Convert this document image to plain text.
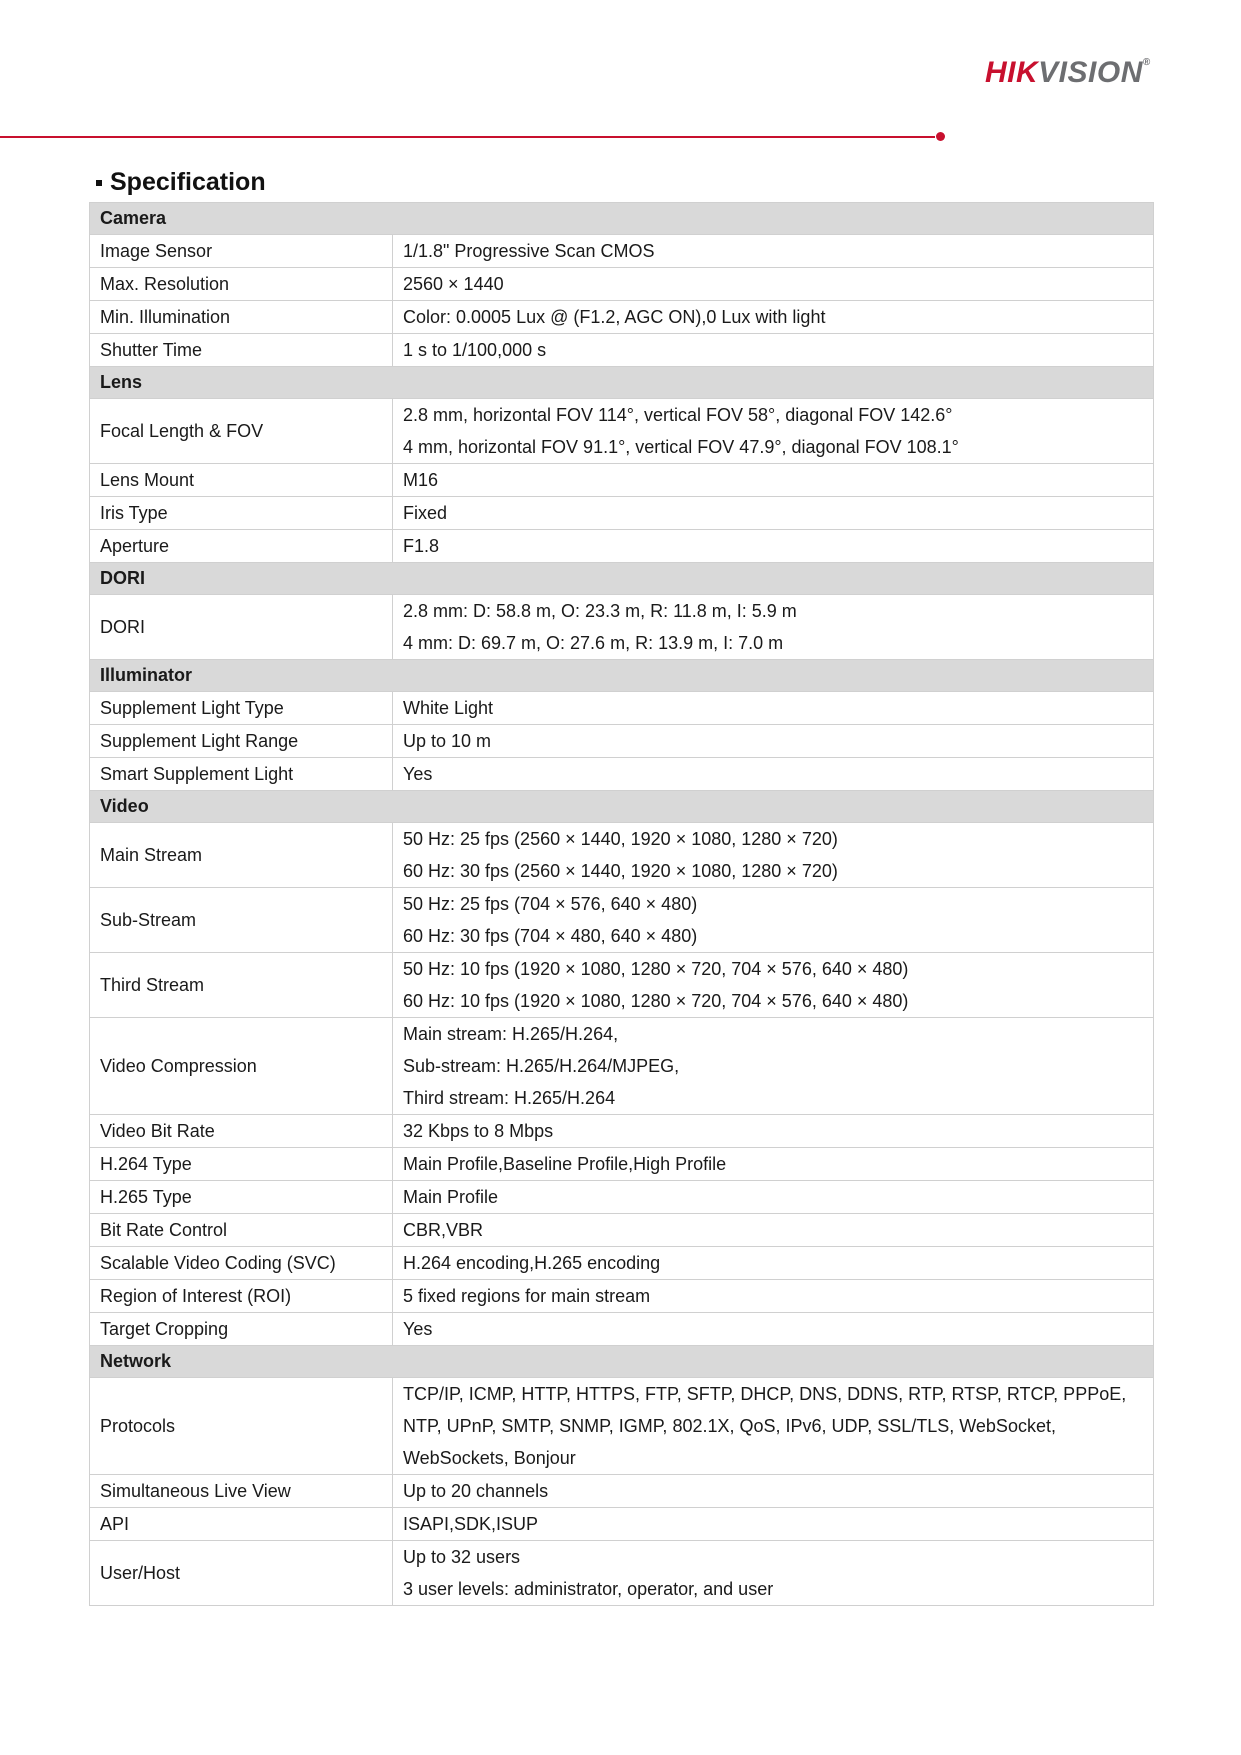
HIKVISION®
Specification
Camera	
Image Sensor	1/1.8" Progressive Scan CMOS

Max. Resolution	2560 × 1440

Min. Illumination	Color: 0.0005 Lux @ (F1.2, AGC ON),0 Lux with light

Shutter Time	1 s to 1/100,000 s

Lens	
Focal Length & FOV	2.8 mm, horizontal FOV 114°, vertical FOV 58°, diagonal FOV 142.6°
4 mm, horizontal FOV 91.1°, vertical FOV 47.9°, diagonal FOV 108.1°

Lens Mount	M16

Iris Type	Fixed

Aperture	F1.8

DORI	
DORI	2.8 mm: D: 58.8 m, O: 23.3 m, R: 11.8 m, I: 5.9 m
4 mm: D: 69.7 m, O: 27.6 m, R: 13.9 m, I: 7.0 m

Illuminator	
Supplement Light Type	White Light

Supplement Light Range	Up to 10 m

Smart Supplement Light	Yes

Video	
Main Stream	50 Hz: 25 fps (2560 × 1440, 1920 × 1080, 1280 × 720)
60 Hz: 30 fps (2560 × 1440, 1920 × 1080, 1280 × 720)

Sub-Stream	50 Hz: 25 fps (704 × 576, 640 × 480)
60 Hz: 30 fps (704 × 480, 640 × 480)

Third Stream	50 Hz: 10 fps (1920 × 1080, 1280 × 720, 704 × 576, 640 × 480)
60 Hz: 10 fps (1920 × 1080, 1280 × 720, 704 × 576, 640 × 480)

Video Compression	Main stream: H.265/H.264,
Sub-stream: H.265/H.264/MJPEG,
Third stream: H.265/H.264

Video Bit Rate	32 Kbps to 8 Mbps

H.264 Type	Main Profile,Baseline Profile,High Profile

H.265 Type	Main Profile

Bit Rate Control	CBR,VBR

Scalable Video Coding (SVC)	H.264 encoding,H.265 encoding

Region of Interest (ROI)	5 fixed regions for main stream

Target Cropping	Yes

Network	
Protocols	TCP/IP, ICMP, HTTP, HTTPS, FTP, SFTP, DHCP, DNS, DDNS, RTP, RTSP, RTCP, PPPoE,
NTP, UPnP, SMTP, SNMP, IGMP, 802.1X, QoS, IPv6, UDP, SSL/TLS, WebSocket,
WebSockets, Bonjour

Simultaneous Live View	Up to 20 channels

API	ISAPI,SDK,ISUP

User/Host	Up to 32 users
3 user levels: administrator, operator, and user
